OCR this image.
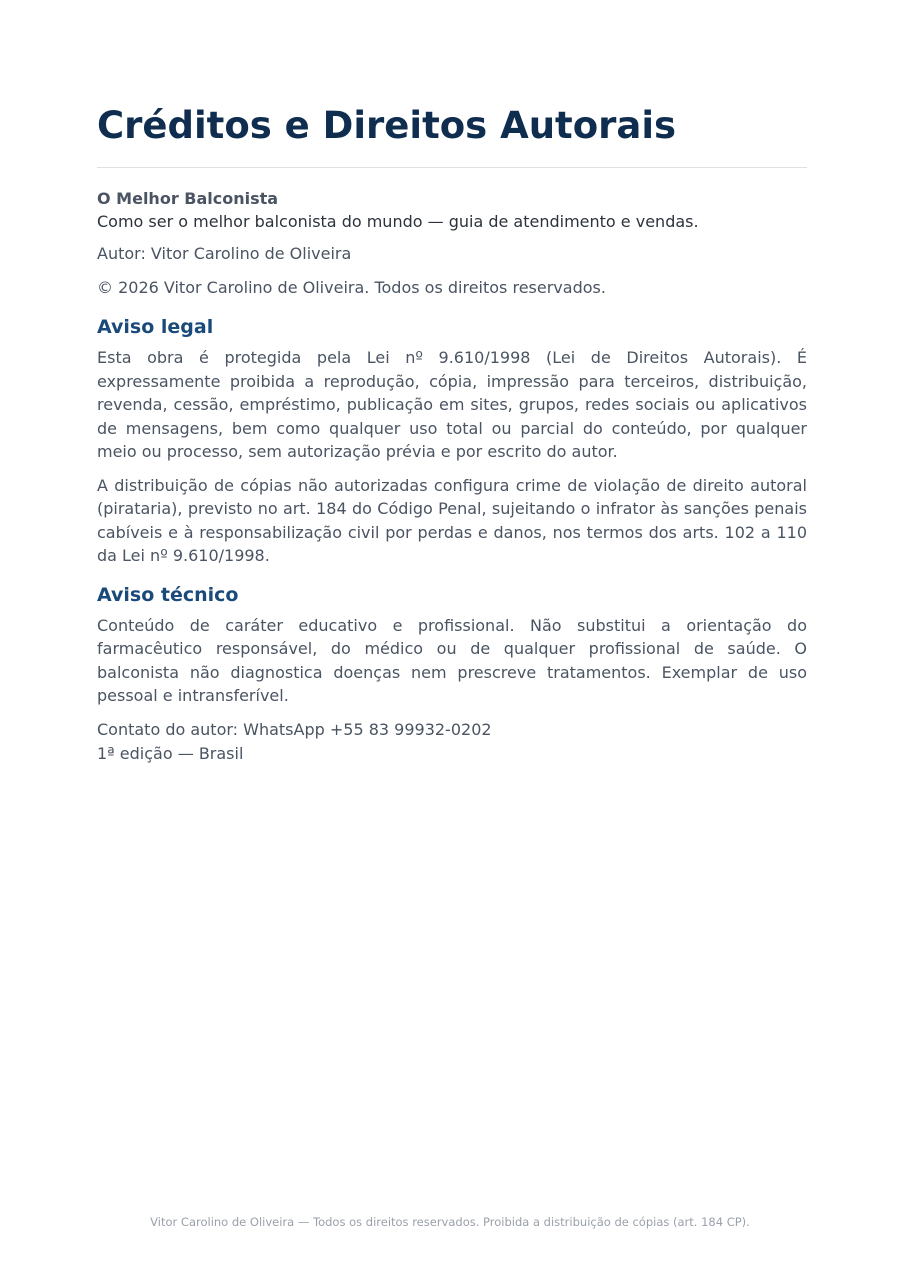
Créditos e Direitos Autorais

O Melhor Balconista

Como ser o melhor balconista do mundo — guia de atendimento e vendas.

Autor: Vitor Carolino de Oliveira

© 2026 Vitor Carolino de Oliveira. Todos os direitos reservados.

Aviso legal

Esta obra é protegida pela Lei nº 9.610/1998 (Lei de Direitos Autorais). É expressamente proibida a reprodução, cópia, impressão para terceiros, distribuição, revenda, cessão, empréstimo, publicação em sites, grupos, redes sociais ou aplicativos de mensagens, bem como qualquer uso total ou parcial do conteúdo, por qualquer meio ou processo, sem autorização prévia e por escrito do autor.

A distribuição de cópias não autorizadas configura crime de violação de direito autoral (pirataria), previsto no art. 184 do Código Penal, sujeitando o infrator às sanções penais cabíveis e à responsabilização civil por perdas e danos, nos termos dos arts. 102 a 110 da Lei nº 9.610/1998.

Aviso técnico

Conteúdo de caráter educativo e profissional. Não substitui a orientação do farmacêutico responsável, do médico ou de qualquer profissional de saúde. O balconista não diagnostica doenças nem prescreve tratamentos. Exemplar de uso pessoal e intransferível.

Contato do autor: WhatsApp +55 83 99932-0202

1ª edição — Brasil

Vitor Carolino de Oliveira — Todos os direitos reservados. Proibida a distribuição de cópias (art. 184 CP).
